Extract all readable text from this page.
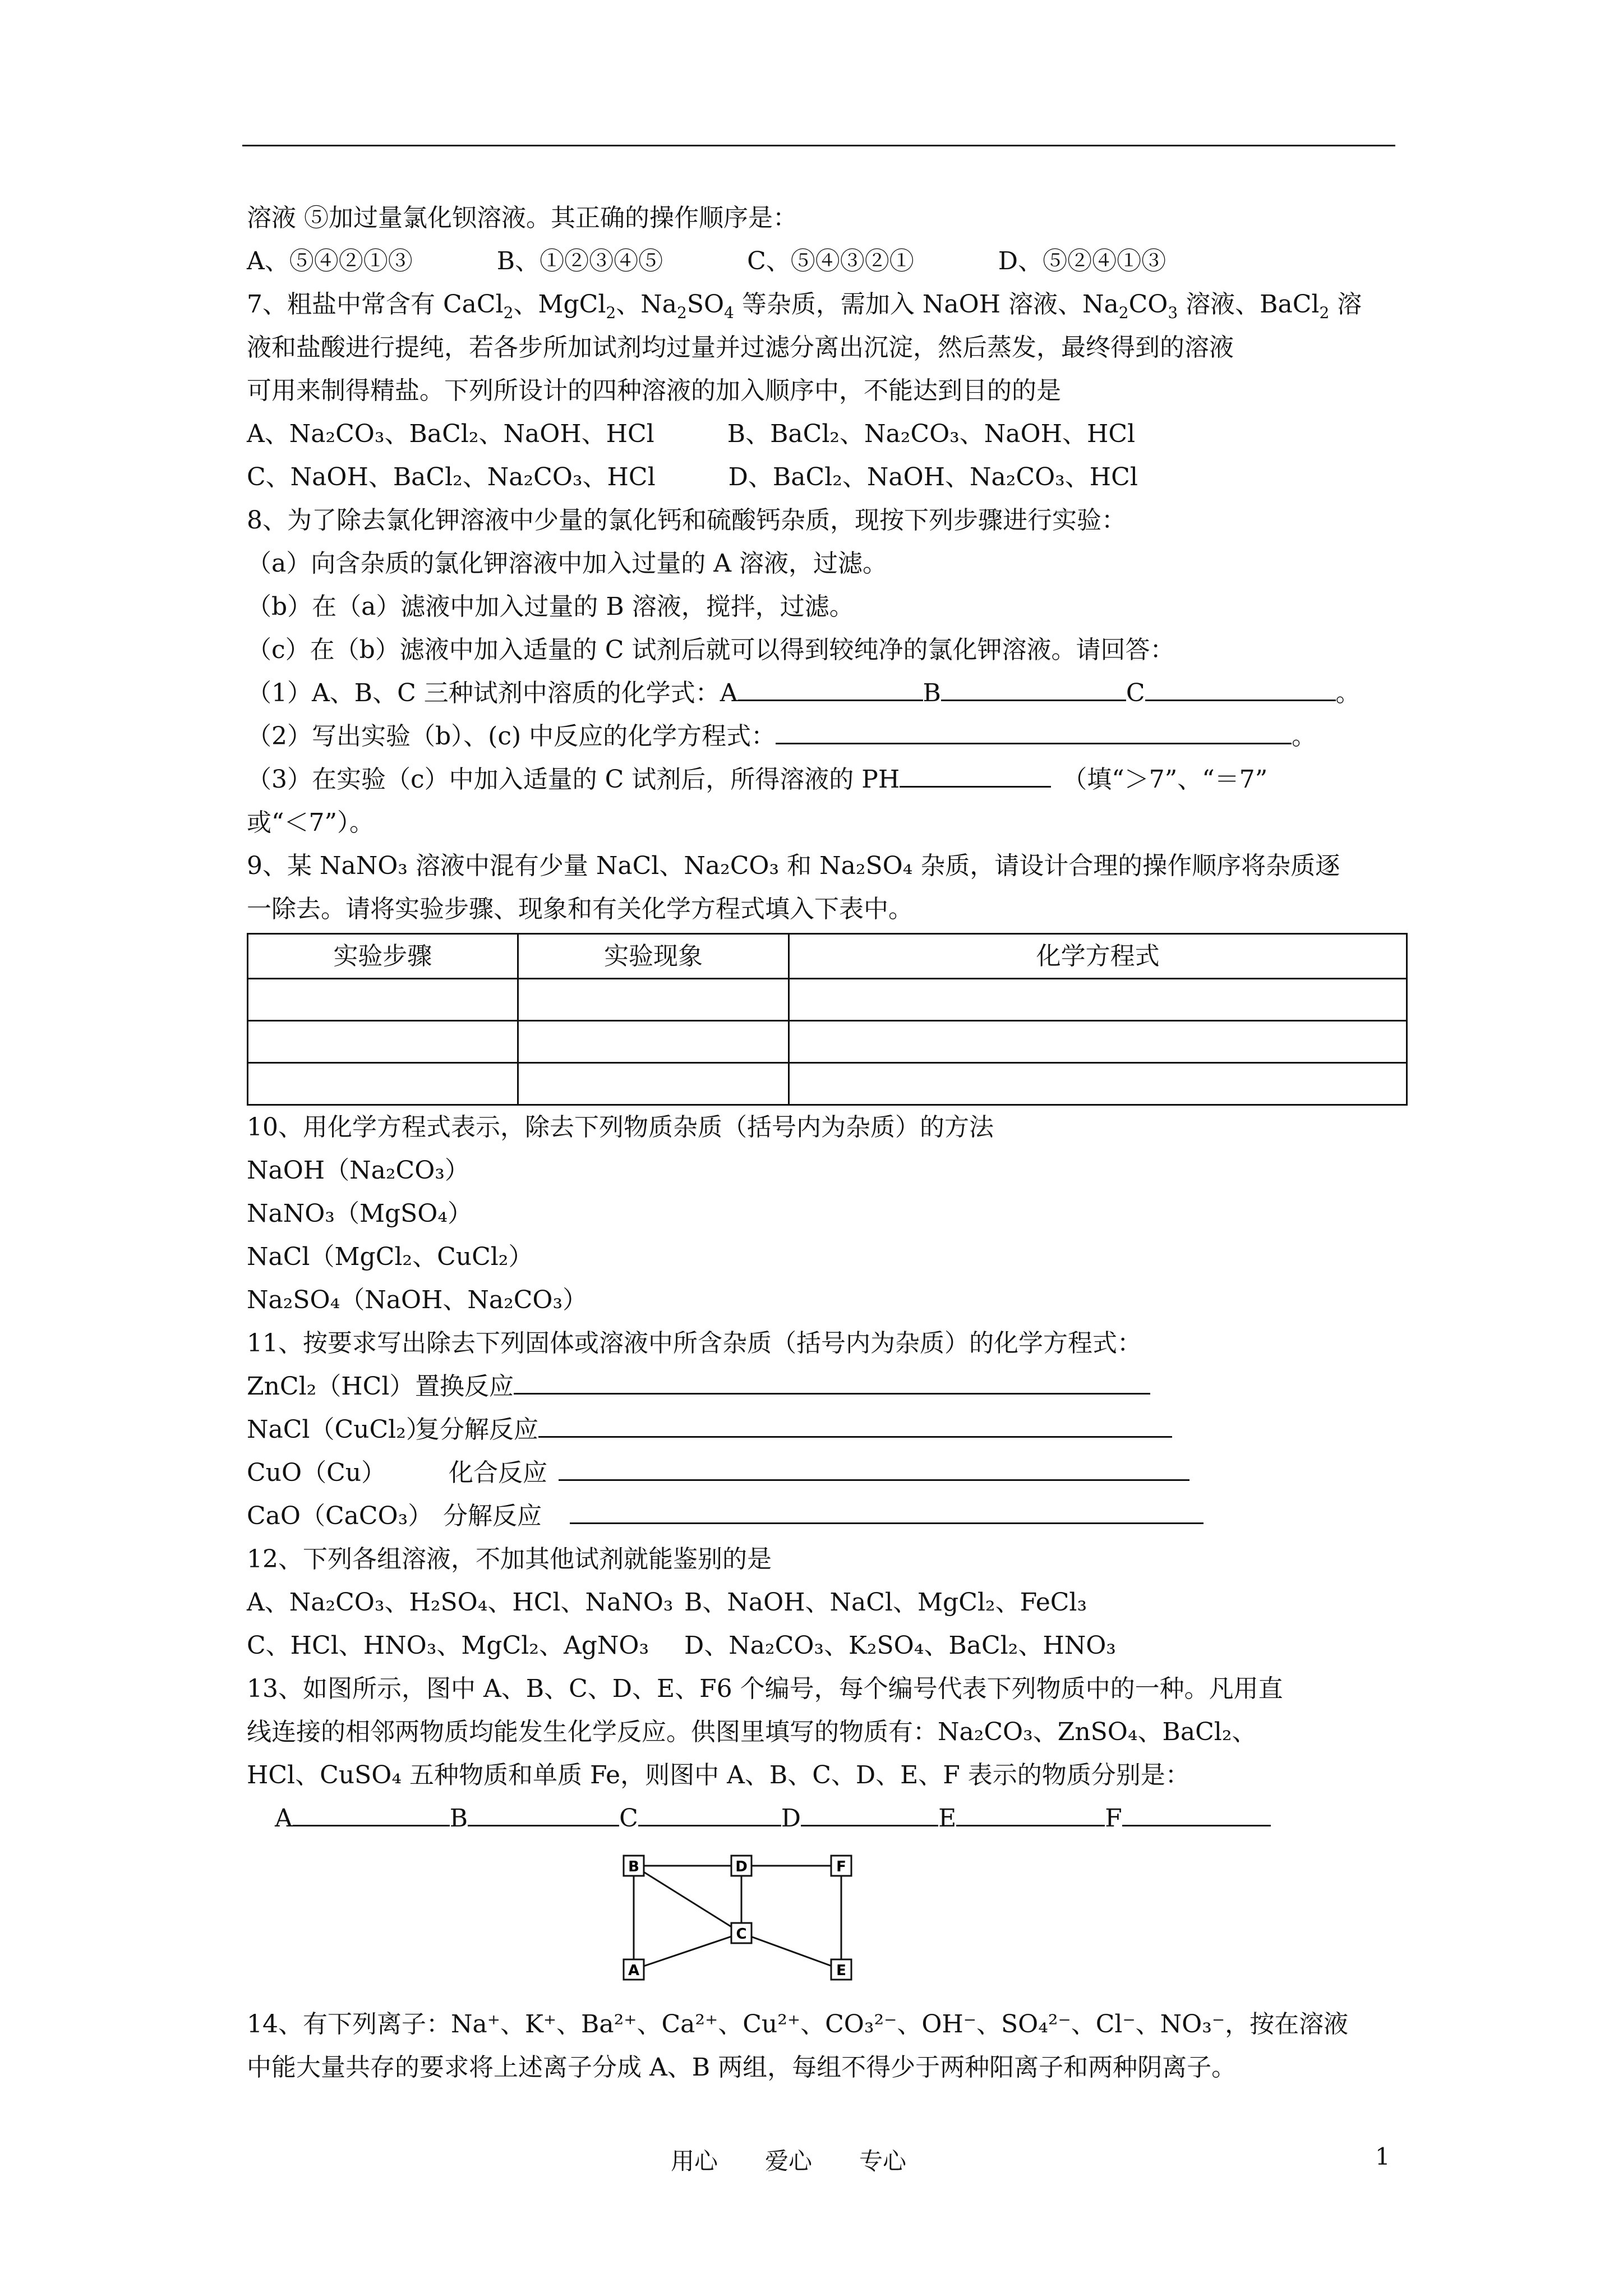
溶液 ⑤加过量氯化钡溶液。其正确的操作顺序是：
A、⑤④②①③	B、①②③④⑤	C、⑤④③②①	D、⑤②④①③
7、粗盐中常含有 CaCl$_2$、MgCl$_2$、$Na_2SO_4$ 等杂质，需加入 NaOH 溶液、$Na_2CO_3$ 溶液、BaCl$_2$ 溶
液和盐酸进行提纯，若各步所加试剂均过量并过滤分离出沉淀，然后蒸发，最终得到的溶液
可用来制得精盐。下列所设计的四种溶液的加入顺序中，不能达到目的的是
A、Na₂CO₃、BaCl₂、NaOH、HCl	B、BaCl₂、Na₂CO₃、NaOH、HCl
C、NaOH、BaCl₂、Na₂CO₃、HCl	D、BaCl₂、NaOH、Na₂CO₃、HCl
8、为了除去氯化钾溶液中少量的氯化钙和硫酸钙杂质，现按下列步骤进行实验：
（a）向含杂质的氯化钾溶液中加入过量的 A 溶液，过滤。
（b）在（a）滤液中加入过量的 B 溶液，搅拌，过滤。
（c）在（b）滤液中加入适量的 C 试剂后就可以得到较纯净的氯化钾溶液。请回答：
（1）A、B、C 三种试剂中溶质的化学式：A	B	C	。
（2）写出实验（b）、(c) 中反应的化学方程式：	。
（3）在实验（c）中加入适量的 C 试剂后，所得溶液的 PH	（填“＞7”、“＝7”
或“＜7”）。
9、某 NaNO₃ 溶液中混有少量 NaCl、Na₂CO₃ 和 Na₂SO₄ 杂质，请设计合理的操作顺序将杂质逐
一除去。请将实验步骤、现象和有关化学方程式填入下表中。
实验步骤	实验现象	化学方程式

10、用化学方程式表示，除去下列物质杂质（括号内为杂质）的方法
NaOH（Na₂CO₃）
NaNO₃（MgSO₄）
NaCl（MgCl₂、CuCl₂）
Na₂SO₄（NaOH、Na₂CO₃）
11、按要求写出除去下列固体或溶液中所含杂质（括号内为杂质）的化学方程式：
ZnCl₂（HCl）置换反应
NaCl（CuCl₂）复分解反应
CuO（Cu）	化合反应
CaO（CaCO₃） 分解反应
12、下列各组溶液，不加其他试剂就能鉴别的是
A、Na₂CO₃、H₂SO₄、HCl、NaNO₃ B、NaOH、NaCl、MgCl₂、FeCl₃
C、HCl、HNO₃、MgCl₂、AgNO₃ D、Na₂CO₃、K₂SO₄、BaCl₂、HNO₃
13、如图所示，图中 A、B、C、D、E、F6 个编号，每个编号代表下列物质中的一种。凡用直
线连接的相邻两物质均能发生化学反应。供图里填写的物质有：Na₂CO₃、ZnSO₄、BaCl₂、
HCl、CuSO₄ 五种物质和单质 Fe，则图中 A、B、C、D、E、F 表示的物质分别是：
A	B	C	D	E	F
B	D	F
C
A	E
14、有下列离子：Na⁺、K⁺、Ba²⁺、Ca²⁺、Cu²⁺、CO₃²⁻、OH⁻、SO₄²⁻、Cl⁻、NO₃⁻，按在溶液
中能大量共存的要求将上述离子分成 A、B 两组，每组不得少于两种阳离子和两种阴离子。
用心　　爱心　　专心	1
